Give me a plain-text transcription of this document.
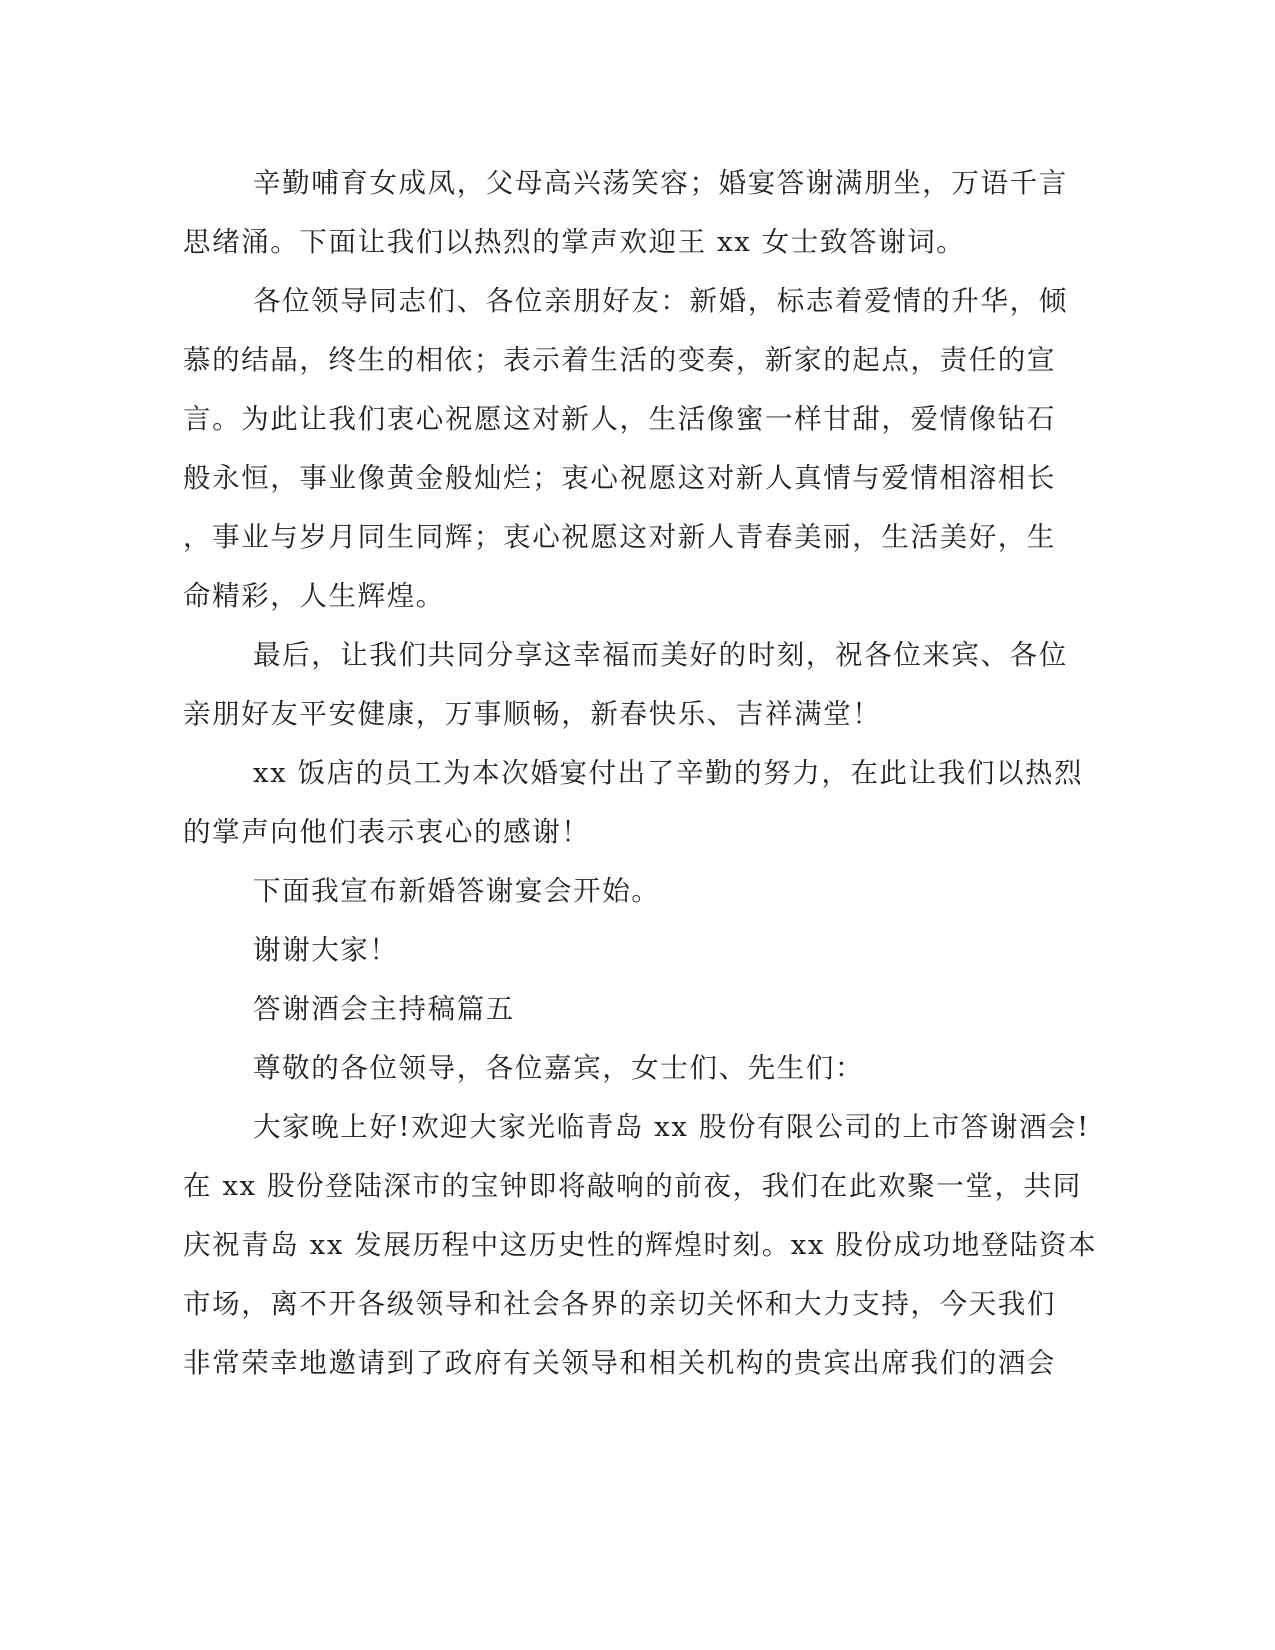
辛勤哺育女成凤，父母高兴荡笑容；婚宴答谢满朋坐，万语千言
思绪涌。下面让我们以热烈的掌声欢迎王 xx 女士致答谢词。

各位领导同志们、各位亲朋好友：新婚，标志着爱情的升华，倾
慕的结晶，终生的相依；表示着生活的变奏，新家的起点，责任的宣
言。为此让我们衷心祝愿这对新人，生活像蜜一样甘甜，爱情像钻石
般永恒，事业像黄金般灿烂；衷心祝愿这对新人真情与爱情相溶相长
，事业与岁月同生同辉；衷心祝愿这对新人青春美丽，生活美好，生
命精彩，人生辉煌。

最后，让我们共同分享这幸福而美好的时刻，祝各位来宾、各位
亲朋好友平安健康，万事顺畅，新春快乐、吉祥满堂！

xx 饭店的员工为本次婚宴付出了辛勤的努力，在此让我们以热烈
的掌声向他们表示衷心的感谢！

下面我宣布新婚答谢宴会开始。

谢谢大家！

答谢酒会主持稿篇五

尊敬的各位领导，各位嘉宾，女士们、先生们：

大家晚上好!欢迎大家光临青岛 xx 股份有限公司的上市答谢酒会!
在 xx 股份登陆深市的宝钟即将敲响的前夜，我们在此欢聚一堂，共同
庆祝青岛 xx 发展历程中这历史性的辉煌时刻。xx 股份成功地登陆资本
市场，离不开各级领导和社会各界的亲切关怀和大力支持，今天我们
非常荣幸地邀请到了政府有关领导和相关机构的贵宾出席我们的酒会
